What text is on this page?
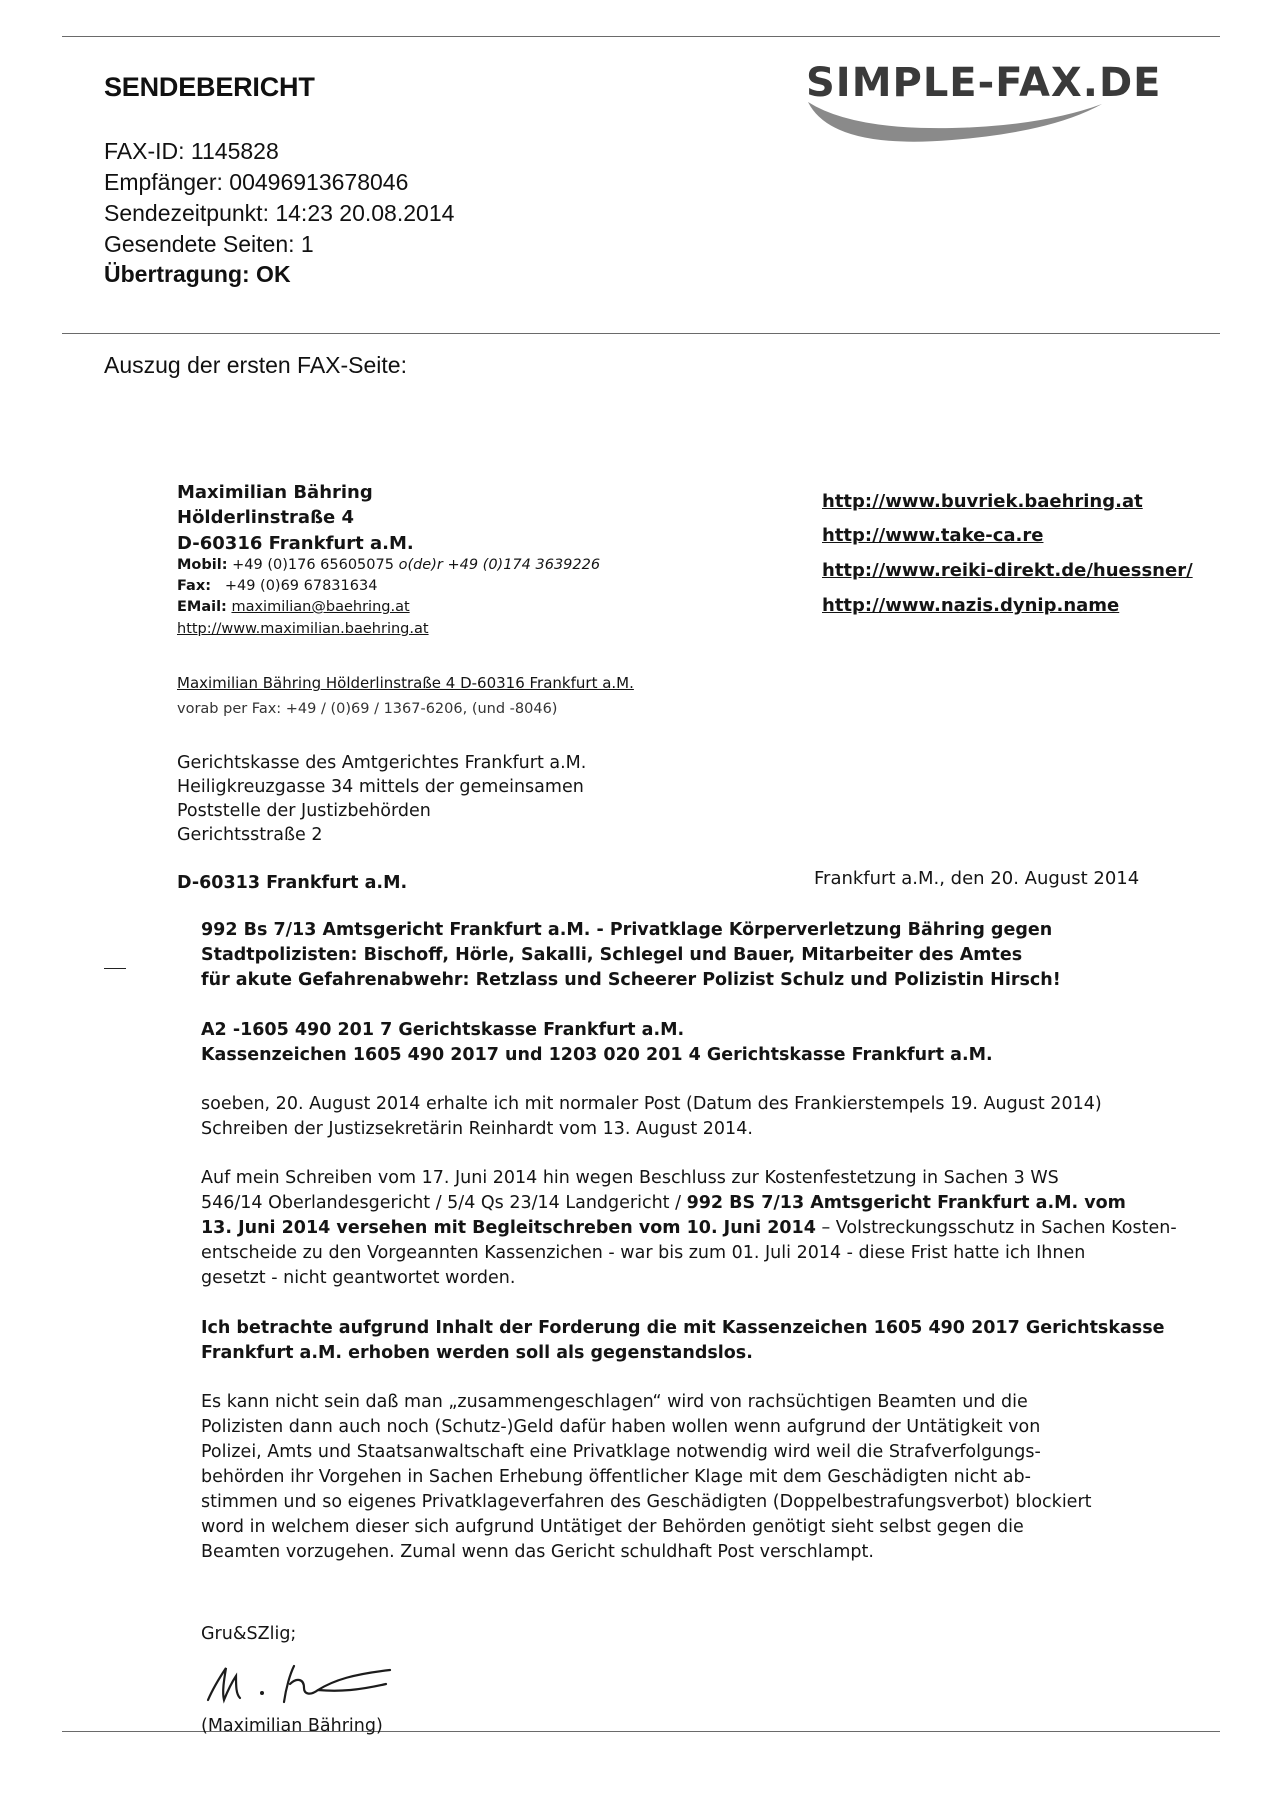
SENDEBERICHT
FAX-ID: 1145828
Empfänger: 00496913678046
Sendezeitpunkt: 14:23 20.08.2014
Gesendete Seiten: 1
Übertragung: OK
SIMPLE-FAX.DE
Auszug der ersten FAX-Seite:
Maximilian Bähring
Hölderlinstraße 4
D-60316 Frankfurt a.M.
Mobil: +49 (0)176 65605075 o(de)r +49 (0)174 3639226
Fax:   +49 (0)69 67831634
EMail: maximilian@baehring.at
http://www.maximilian.baehring.at
http://www.buvriek.baehring.at
http://www.take-ca.re
http://www.reiki-direkt.de/huessner/
http://www.nazis.dynip.name
Maximilian Bähring Hölderlinstraße 4 D-60316 Frankfurt a.M.
vorab per Fax: +49 / (0)69 / 1367-6206, (und -8046)
Gerichtskasse des Amtgerichtes Frankfurt a.M.
Heiligkreuzgasse 34 mittels der gemeinsamen
Poststelle der Justizbehörden
Gerichtsstraße 2
D-60313 Frankfurt a.M.	Frankfurt a.M., den 20. August 2014
992 Bs 7/13 Amtsgericht Frankfurt a.M. - Privatklage Körperverletzung Bähring gegen
Stadtpolizisten: Bischoff, Hörle, Sakalli, Schlegel und Bauer, Mitarbeiter des Amtes
für akute Gefahrenabwehr: Retzlass und Scheerer Polizist Schulz und Polizistin Hirsch!
A2 -1605 490 201 7 Gerichtskasse Frankfurt a.M.
Kassenzeichen 1605 490 2017 und 1203 020 201 4 Gerichtskasse Frankfurt a.M.
soeben, 20. August 2014 erhalte ich mit normaler Post (Datum des Frankierstempels 19. August 2014)
Schreiben der Justizsekretärin Reinhardt vom 13. August 2014.
Auf mein Schreiben vom 17. Juni 2014 hin wegen Beschluss zur Kostenfestetzung in Sachen 3 WS
546/14 Oberlandesgericht / 5/4 Qs 23/14 Landgericht / 992 BS 7/13 Amtsgericht Frankfurt a.M. vom
13. Juni 2014 versehen mit Begleitschreben vom 10. Juni 2014 – Volstreckungsschutz in Sachen Kosten-
entscheide zu den Vorgeannten Kassenzichen - war bis zum 01. Juli 2014 - diese Frist hatte ich Ihnen
gesetzt - nicht geantwortet worden.
Ich betrachte aufgrund Inhalt der Forderung die mit Kassenzeichen 1605 490 2017 Gerichtskasse
Frankfurt a.M. erhoben werden soll als gegenstandslos.
Es kann nicht sein daß man „zusammengeschlagen“ wird von rachsüchtigen Beamten und die
Polizisten dann auch noch (Schutz-)Geld dafür haben wollen wenn aufgrund der Untätigkeit von
Polizei, Amts und Staatsanwaltschaft eine Privatklage notwendig wird weil die Strafverfolgungs-
behörden ihr Vorgehen in Sachen Erhebung öffentlicher Klage mit dem Geschädigten nicht ab-
stimmen und so eigenes Privatklageverfahren des Geschädigten (Doppelbestrafungsverbot) blockiert
word in welchem dieser sich aufgrund Untätiget der Behörden genötigt sieht selbst gegen die
Beamten vorzugehen. Zumal wenn das Gericht schuldhaft Post verschlampt.
Gru&SZlig;
(Maximilian Bähring)
